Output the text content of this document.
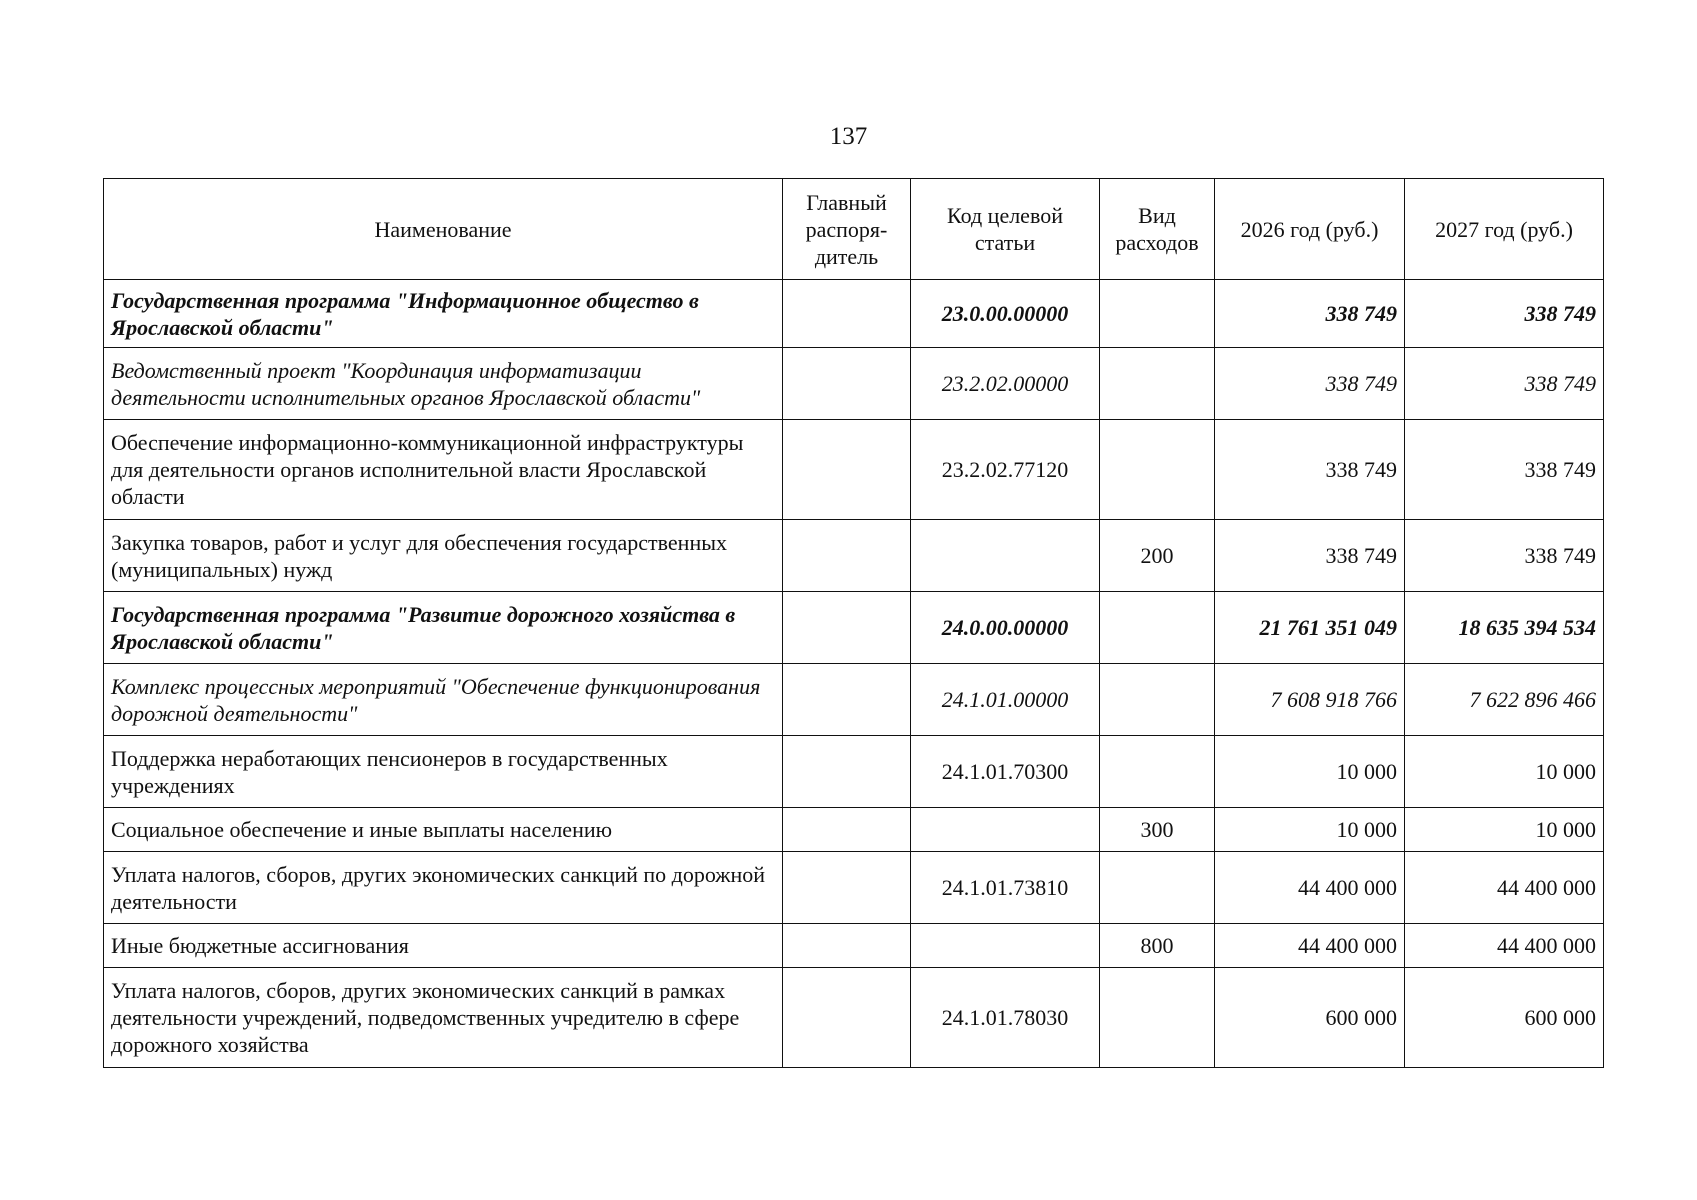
137
Наименование	Главный распоря-дитель	Код целевой статьи	Вид расходов	2026 год (руб.)	2027 год (руб.)
Государственная программа "Информационное общество в Ярославской области"		23.0.00.00000		338 749	338 749
Ведомственный проект "Координация информатизации деятельности исполнительных органов Ярославской области"		23.2.02.00000		338 749	338 749
Обеспечение информационно-коммуникационной инфраструктуры для деятельности органов исполнительной власти Ярославской области		23.2.02.77120		338 749	338 749
Закупка товаров, работ и услуг для обеспечения государственных (муниципальных) нужд			200	338 749	338 749
Государственная программа "Развитие дорожного хозяйства в Ярославской области"		24.0.00.00000		21 761 351 049	18 635 394 534
Комплекс процессных мероприятий "Обеспечение функционирования дорожной деятельности"		24.1.01.00000		7 608 918 766	7 622 896 466
Поддержка неработающих пенсионеров в государственных учреждениях		24.1.01.70300		10 000	10 000
Социальное обеспечение и иные выплаты населению			300	10 000	10 000
Уплата налогов, сборов, других экономических санкций по дорожной деятельности		24.1.01.73810		44 400 000	44 400 000
Иные бюджетные ассигнования			800	44 400 000	44 400 000
Уплата налогов, сборов, других экономических санкций в рамках деятельности учреждений, подведомственных учредителю в сфере дорожного хозяйства		24.1.01.78030		600 000	600 000
